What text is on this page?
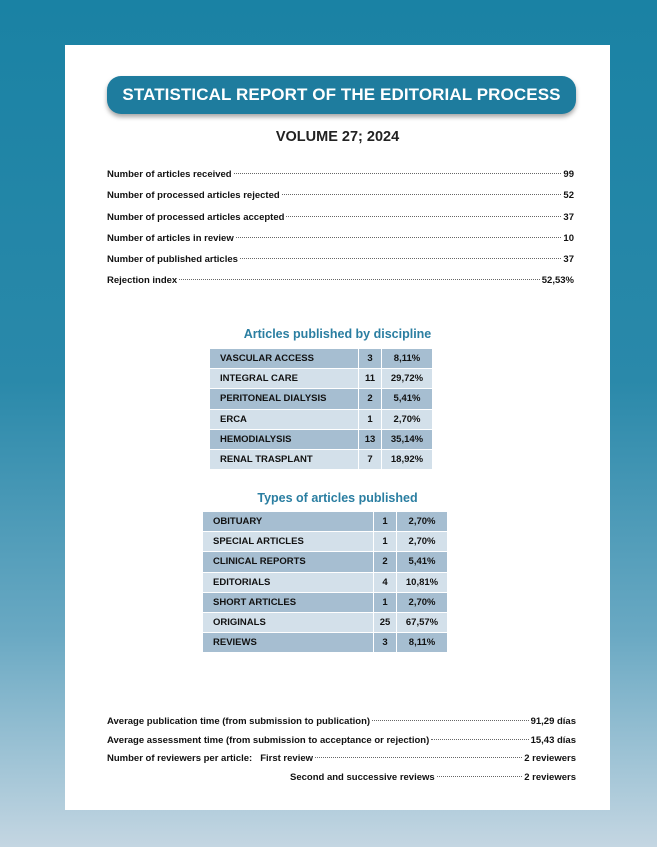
STATISTICAL REPORT OF THE EDITORIAL PROCESS
VOLUME 27; 2024
Number of articles received	99
Number of processed articles rejected	52
Number of processed articles accepted	37
Number of articles in review	10
Number of published articles	37
Rejection index	52,53%
Articles published by discipline
VASCULAR ACCESS	3	8,11%
INTEGRAL CARE	11	29,72%
PERITONEAL DIALYSIS	2	5,41%
ERCA	1	2,70%
HEMODIALYSIS	13	35,14%
RENAL TRASPLANT	7	18,92%
Types of articles published
OBITUARY	1	2,70%
SPECIAL ARTICLES	1	2,70%
CLINICAL REPORTS	2	5,41%
EDITORIALS	4	10,81%
SHORT ARTICLES	1	2,70%
ORIGINALS	25	67,57%
REVIEWS	3	8,11%
Average publication time (from submission to publication)	91,29 días
Average assessment time (from submission to acceptance or rejection)	15,43 días
Number of reviewers per article: First review	2 reviewers
Second and successive reviews	2 reviewers
